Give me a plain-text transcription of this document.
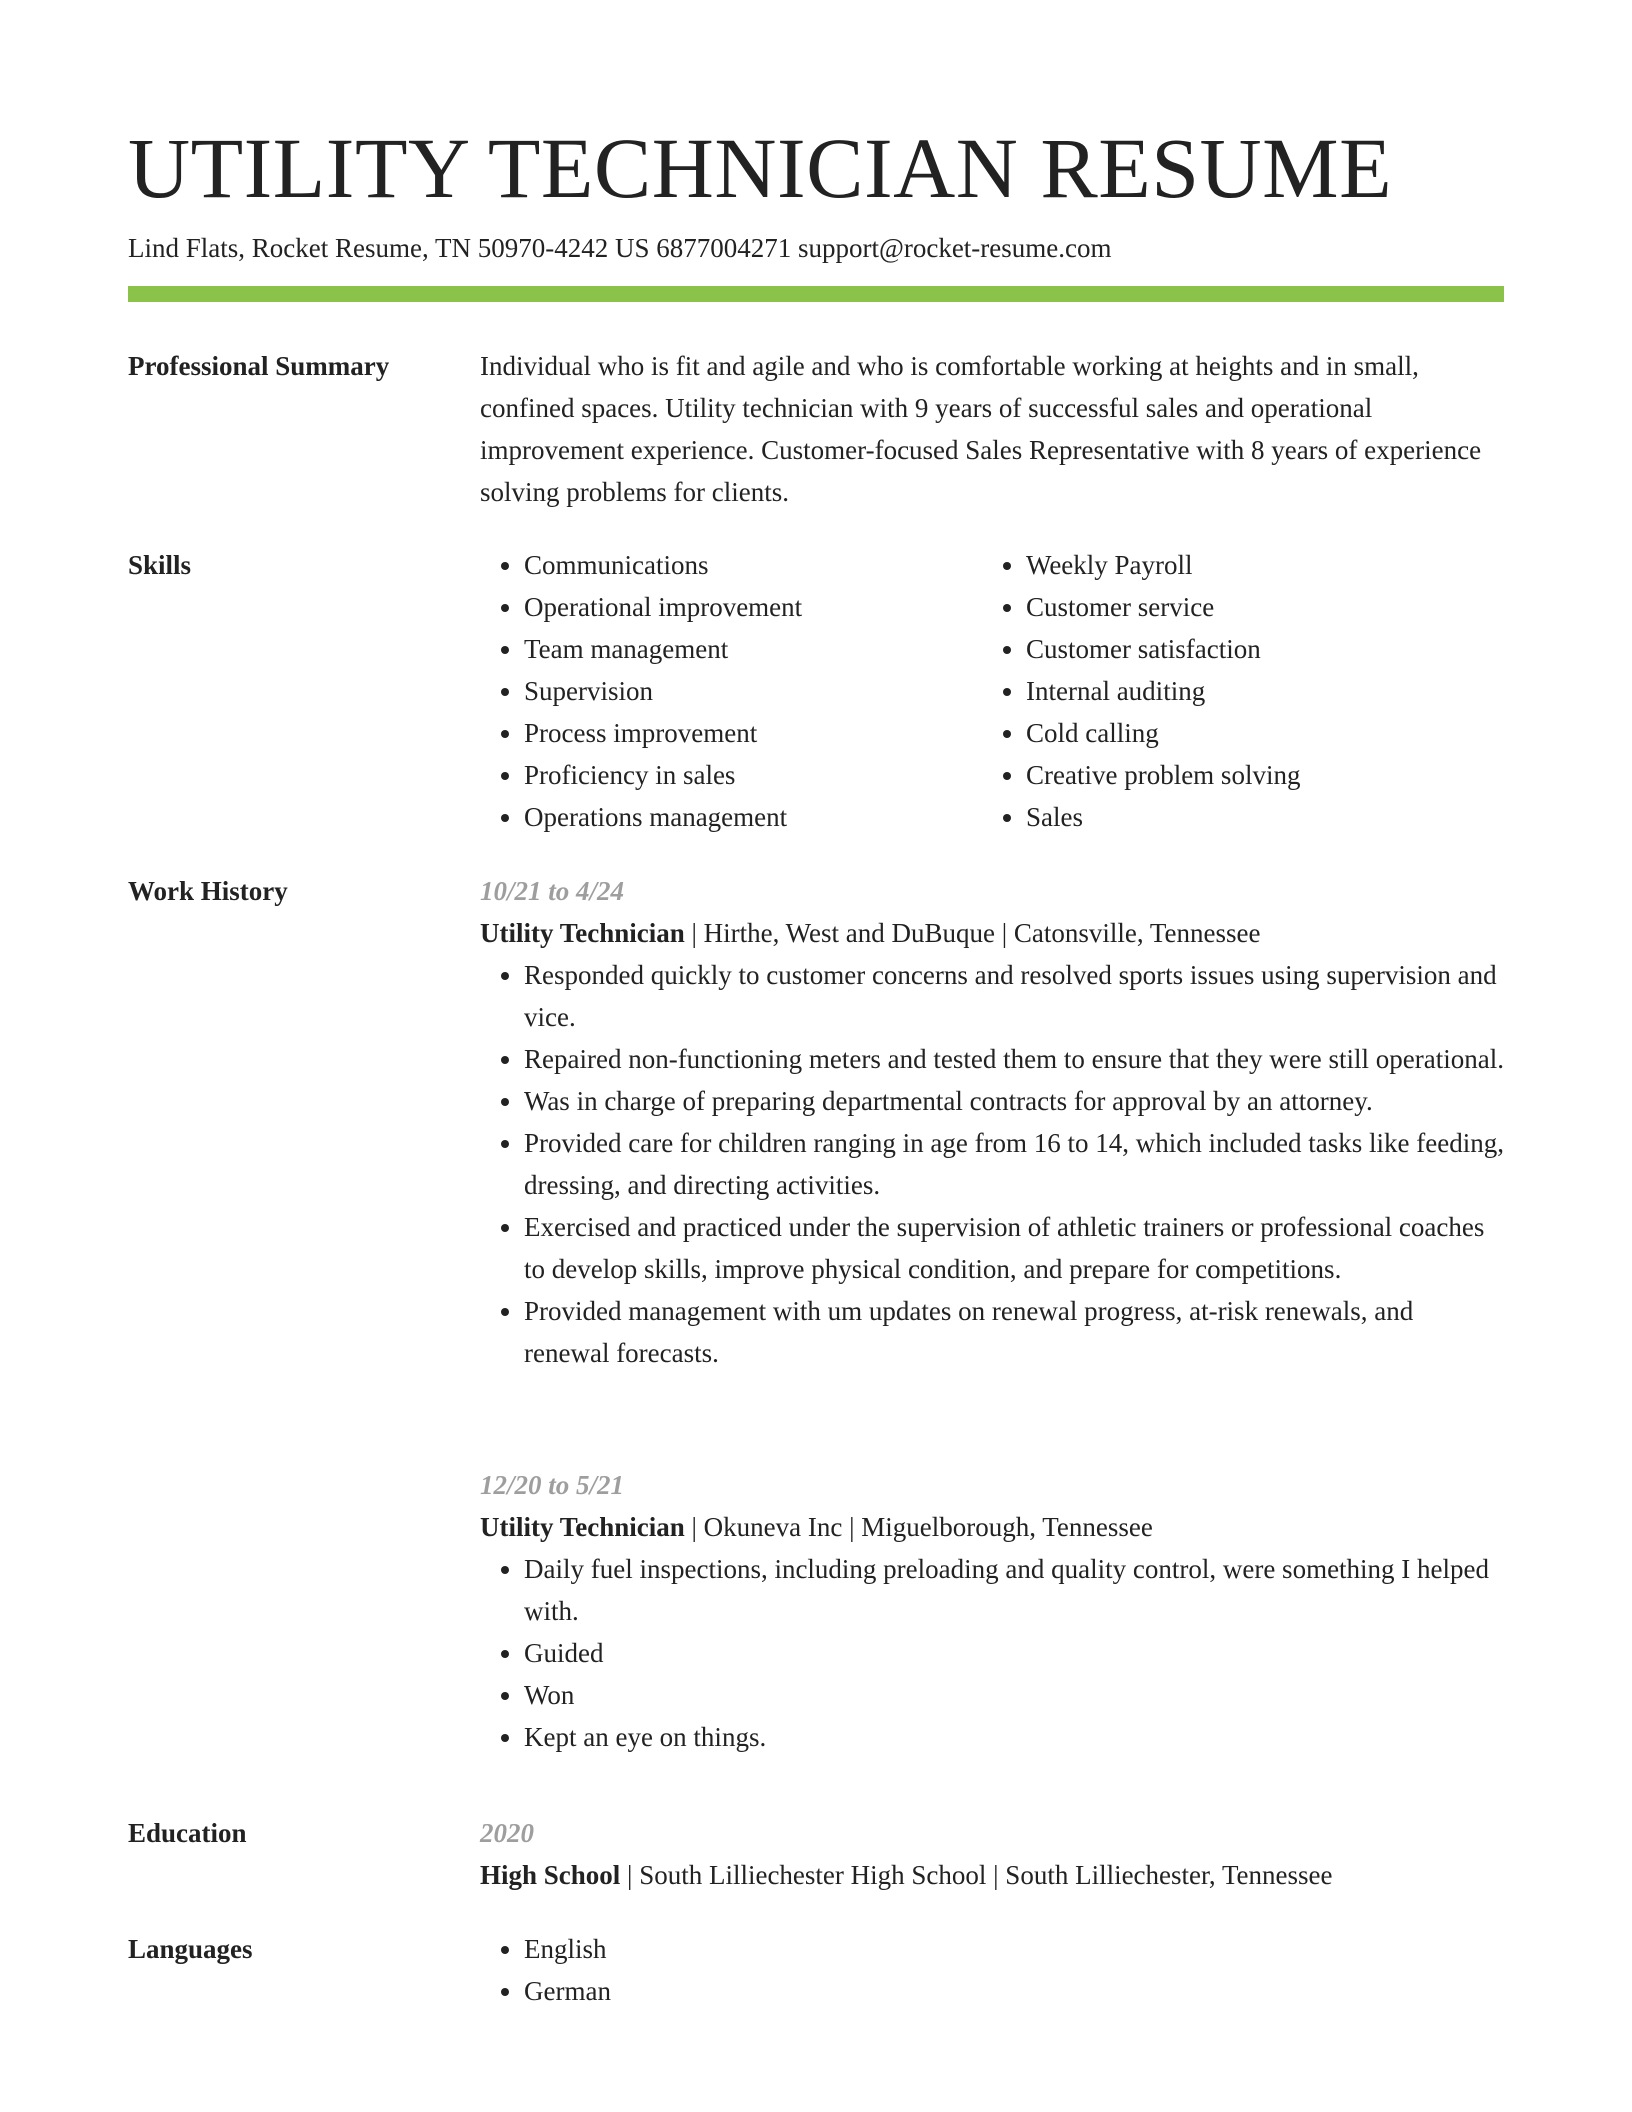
UTILITY TECHNICIAN RESUME
Lind Flats, Rocket Resume, TN 50970-4242 US 6877004271 support@rocket-resume.com
Professional Summary	Individual who is fit and agile and who is comfortable working at heights and in small, confined spaces. Utility technician with 9 years of successful sales and operational improvement experience. Customer-focused Sales Representative with 8 years of experience solving problems for clients.

Skills	• Communications
• Operational improvement
• Team management
• Supervision
• Process improvement
• Proficiency in sales
• Operations management
• Weekly Payroll
• Customer service
• Customer satisfaction
• Internal auditing
• Cold calling
• Creative problem solving
• Sales
Work History	10/21 to 4/24
Utility Technician | Hirthe, West and DuBuque | Catonsville, Tennessee
• Responded quickly to customer concerns and resolved sports issues using supervision and vice.
• Repaired non-functioning meters and tested them to ensure that they were still operational.
• Was in charge of preparing departmental contracts for approval by an attorney.
• Provided care for children ranging in age from 16 to 14, which included tasks like feeding, dressing, and directing activities.
• Exercised and practiced under the supervision of athletic trainers or professional coaches to develop skills, improve physical condition, and prepare for competitions.
• Provided management with um updates on renewal progress, at-risk renewals, and renewal forecasts.
12/20 to 5/21
Utility Technician | Okuneva Inc | Miguelborough, Tennessee
• Daily fuel inspections, including preloading and quality control, were something I helped with.
• Guided
• Won
• Kept an eye on things.
Education	2020
High School | South Lilliechester High School | South Lilliechester, Tennessee
Languages	• English
• German
